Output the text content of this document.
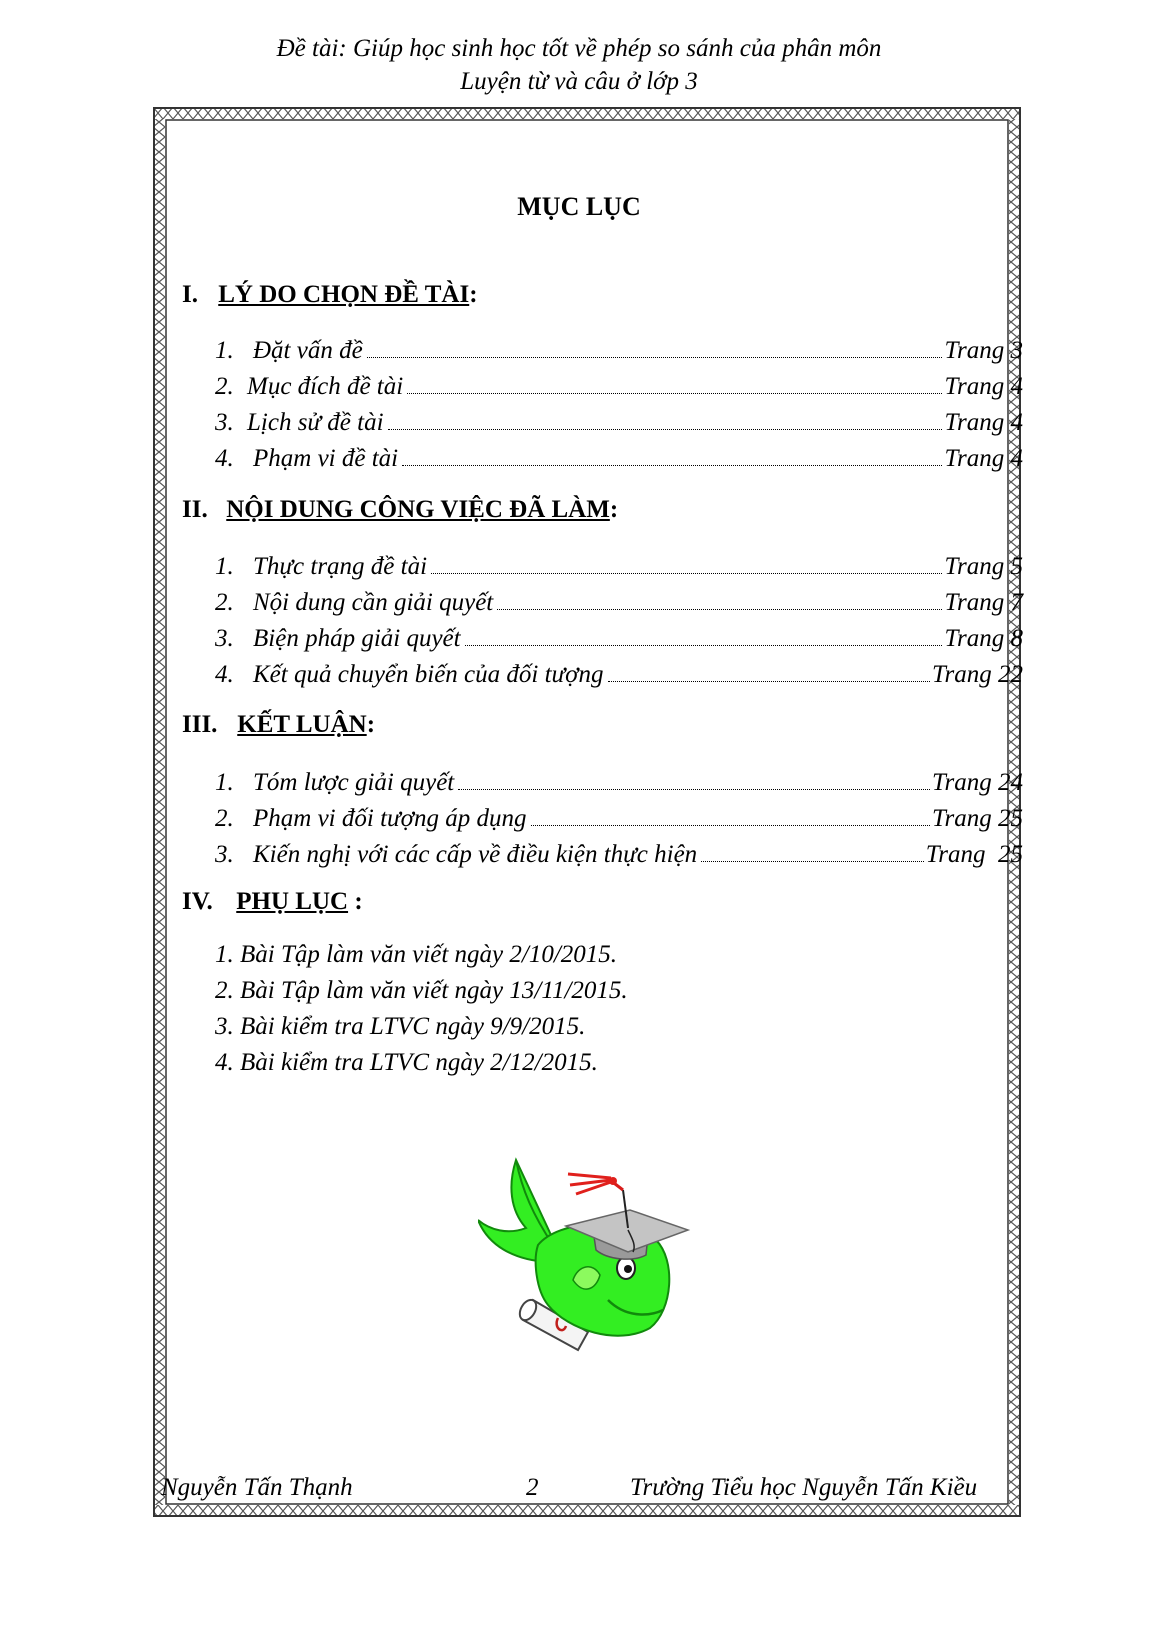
Đề tài: Giúp học sinh học tốt về phép so sánh của phân môn
Luyện từ và câu ở lớp 3
MỤC LỤC
I. LÝ DO CHỌN ĐỀ TÀI:
1. Đặt vấn đề	Trang 3
2. Mục đích đề tài	Trang 4
3. Lịch sử đề tài	Trang 4
4. Phạm vi đề tài	Trang 4
II. NỘI DUNG CÔNG VIỆC ĐÃ LÀM:
1. Thực trạng đề tài	Trang 5
2. Nội dung cần giải quyết	Trang 7
3. Biện pháp giải quyết	Trang 8
4. Kết quả chuyển biến của đối tượng	Trang 22
III. KẾT LUẬN:
1. Tóm lược giải quyết	Trang 24
2. Phạm vi đối tượng áp dụng	Trang 25
3. Kiến nghị với các cấp về điều kiện thực hiện	Trang  25
IV. PHỤ LỤC :
1. Bài Tập làm văn viết ngày 2/10/2015.
2. Bài Tập làm văn viết ngày 13/11/2015.
3. Bài kiểm tra LTVC ngày 9/9/2015.
4. Bài kiểm tra LTVC ngày 2/12/2015.
Nguyễn Tấn Thạnh	2	Trường Tiểu học Nguyễn Tấn Kiều
